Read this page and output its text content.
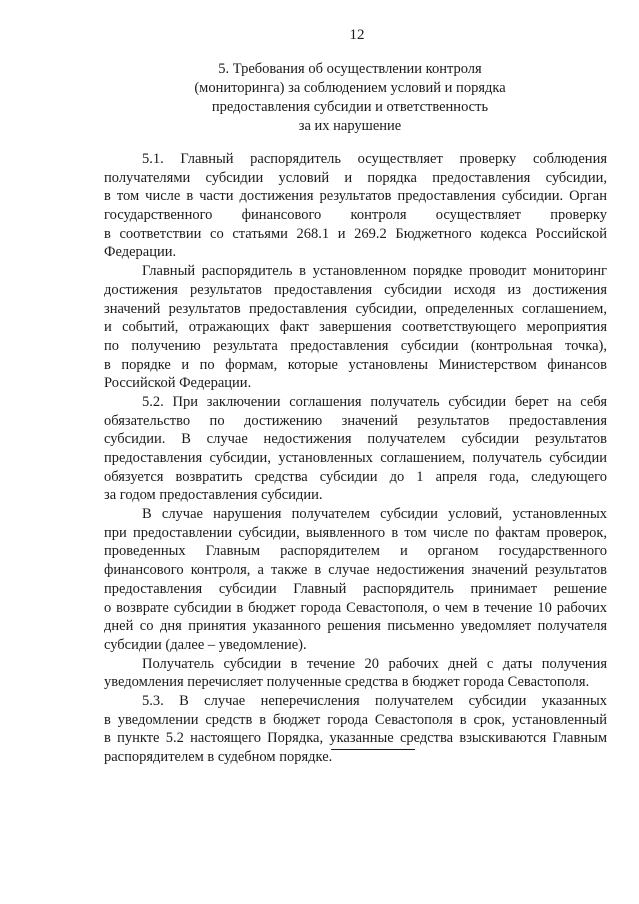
12
5. Требования об осуществлении контроля
(мониторинга) за соблюдением условий и порядка
предоставления субсидии и ответственность
за их нарушение
5.1. Главный распорядитель осуществляет проверку соблюдения
получателями субсидии условий и порядка предоставления субсидии,
в том числе в части достижения результатов предоставления субсидии. Орган
государственного финансового контроля осуществляет проверку
в соответствии со статьями 268.1 и 269.2 Бюджетного кодекса Российской
Федерации.
Главный распорядитель в установленном порядке проводит мониторинг
достижения результатов предоставления субсидии исходя из достижения
значений результатов предоставления субсидии, определенных соглашением,
и событий, отражающих факт завершения соответствующего мероприятия
по получению результата предоставления субсидии (контрольная точка),
в порядке и по формам, которые установлены Министерством финансов
Российской Федерации.
5.2. При заключении соглашения получатель субсидии берет на себя
обязательство по достижению значений результатов предоставления
субсидии. В случае недостижения получателем субсидии результатов
предоставления субсидии, установленных соглашением, получатель субсидии
обязуется возвратить средства субсидии до 1 апреля года, следующего
за годом предоставления субсидии.
В случае нарушения получателем субсидии условий, установленных
при предоставлении субсидии, выявленного в том числе по фактам проверок,
проведенных Главным распорядителем и органом государственного
финансового контроля, а также в случае недостижения значений результатов
предоставления субсидии Главный распорядитель принимает решение
о возврате субсидии в бюджет города Севастополя, о чем в течение 10 рабочих
дней со дня принятия указанного решения письменно уведомляет получателя
субсидии (далее – уведомление).
Получатель субсидии в течение 20 рабочих дней с даты получения
уведомления перечисляет полученные средства в бюджет города Севастополя.
5.3. В случае неперечисления получателем субсидии указанных
в уведомлении средств в бюджет города Севастополя в срок, установленный
в пункте 5.2 настоящего Порядка, указанные средства взыскиваются Главным
распорядителем в судебном порядке.
